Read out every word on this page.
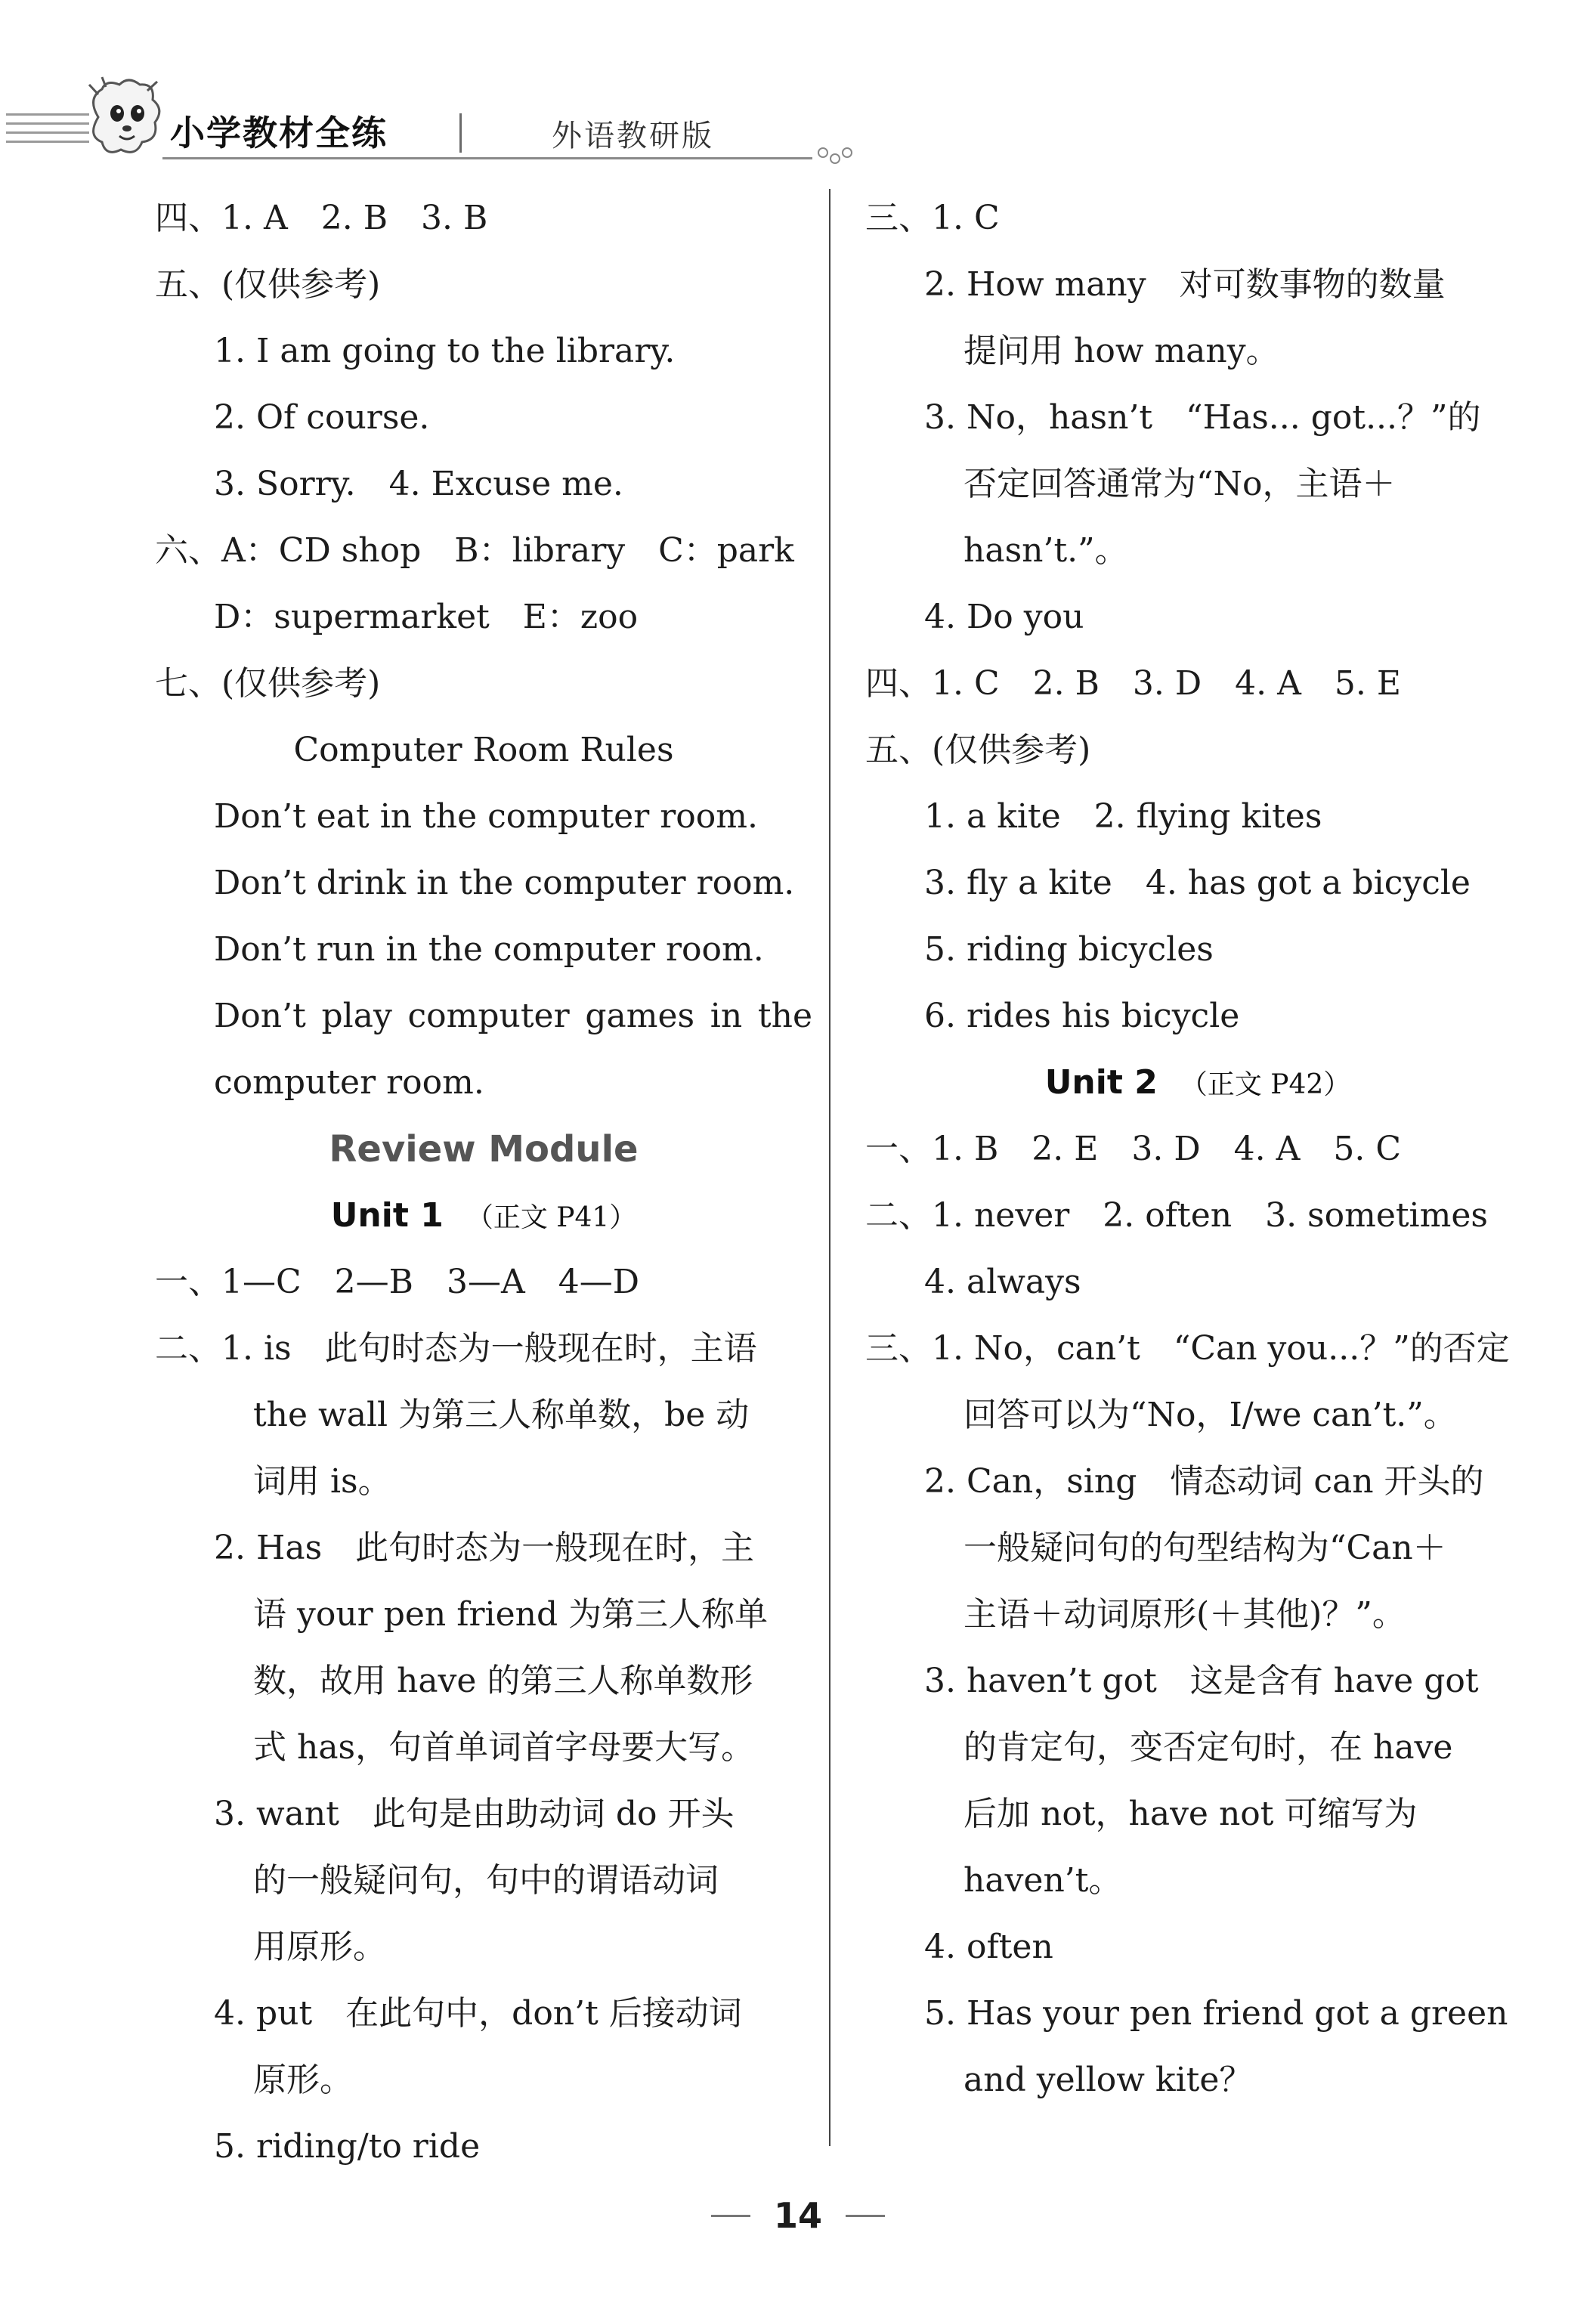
小学教材全练	外语教研版
四、1. A　2. B　3. B
五、(仅供参考)
1. I am going to the library.
2. Of course.
3. Sorry.　4. Excuse me.
六、A：CD shop　B：library　C：park
D：supermarket　E：zoo
七、(仅供参考)
Computer Room Rules
Don’t eat in the computer room.
Don’t drink in the computer room.
Don’t run in the computer room.
Don’t play computer games in the
computer room.
Review Module
Unit 1 （正文 P41）
一、1—C　2—B　3—A　4—D
二、1. is　此句时态为一般现在时，主语
the wall 为第三人称单数，be 动
词用 is。
2. Has　此句时态为一般现在时，主
语 your pen friend 为第三人称单
数，故用 have 的第三人称单数形
式 has，句首单词首字母要大写。
3. want　此句是由助动词 do 开头
的一般疑问句，句中的谓语动词
用原形。
4. put　在此句中，don’t 后接动词
原形。
5. riding/to ride
三、1. C
2. How many　对可数事物的数量
提问用 how many。
3. No，hasn’t　“Has... got...？”的
否定回答通常为“No，主语＋
hasn’t.”。
4. Do you
四、1. C　2. B　3. D　4. A　5. E
五、(仅供参考)
1. a kite　2. flying kites
3. fly a kite　4. has got a bicycle
5. riding bicycles
6. rides his bicycle
Unit 2 （正文 P42）
一、1. B　2. E　3. D　4. A　5. C
二、1. never　2. often　3. sometimes
4. always
三、1. No，can’t　“Can you...？”的否定
回答可以为“No，I/we can’t.”。
2. Can，sing　情态动词 can 开头的
一般疑问句的句型结构为“Can＋
主语＋动词原形(＋其他)？”。
3. haven’t got　这是含有 have got
的肯定句，变否定句时，在 have
后加 not，have not 可缩写为
haven’t。
4. often
5. Has your pen friend got a green
and yellow kite？
14
